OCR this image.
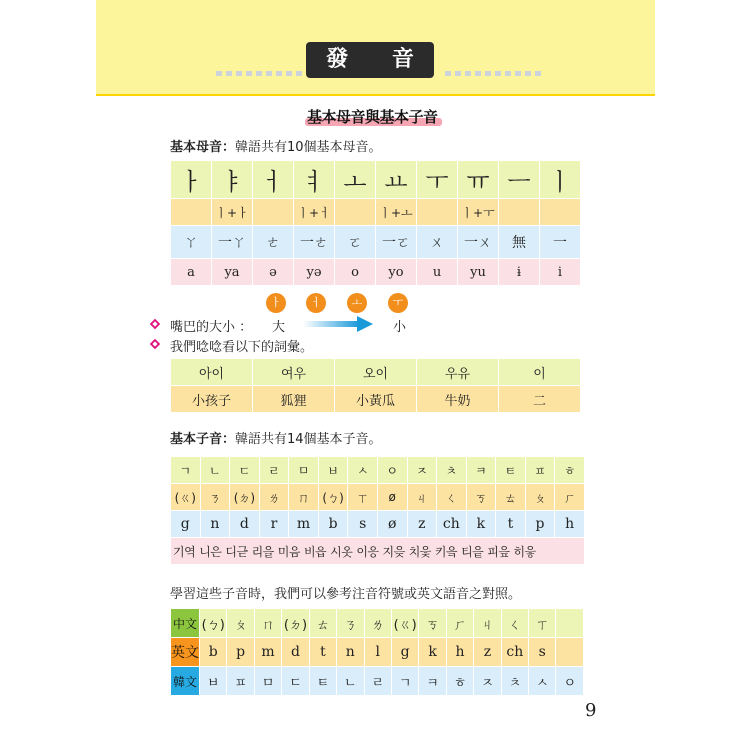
發 音
基本母音與基本子音
基本母音：韓語共有10個基本母音。
ㅏ	ㅑ	ㅓ	ㅕ	ㅗ	ㅛ	ㅜ	ㅠ	ㅡ	ㅣ
	ㅣ+ㅏ		ㅣ+ㅓ		ㅣ+ㅗ		ㅣ+ㅜ		
ㄚ	一ㄚ	ㄜ	一ㄜ	ㄛ	一ㄛ	ㄨ	一ㄨ	無	一
a	ya	ə	yə	o	yo	u	yu	ɨ	i
ㅏ	ㅓ	ㅗ	ㅜ
嘴巴的大小 ： 大	小
我們唸唸看以下的詞彙。
아이	여우	오이	우유	이
小孩子	狐狸	小黃瓜	牛奶	二
基本子音：韓語共有14個基本子音。
ㄱ	ㄴ	ㄷ	ㄹ	ㅁ	ㅂ	ㅅ	ㅇ	ㅈ	ㅊ	ㅋ	ㅌ	ㅍ	ㅎ
(ㄍ)	ㄋ	(ㄉ)	ㄌ	ㄇ	(ㄅ)	ㄒ	ø	ㄐ	ㄑ	ㄎ	ㄊ	ㄆ	ㄏ
g	n	d	r	m	b	s	ø	z	ch	k	t	p	h
기역 니은 디귿 리을 미음 비읍 시옷 이응 지읒 치읓 키읔 티읕 피읖 히읗													
學習這些子音時，我們可以參考注音符號或英文語音之對照。
中文	(ㄅ)	ㄆ	ㄇ	(ㄉ)	ㄊ	ㄋ	ㄌ	(ㄍ)	ㄎ	ㄏ	ㄐ	ㄑ	ㄒ	
英文	b	p	m	d	t	n	l	g	k	h	z	ch	s	
韓文	ㅂ	ㅍ	ㅁ	ㄷ	ㅌ	ㄴ	ㄹ	ㄱ	ㅋ	ㅎ	ㅈ	ㅊ	ㅅ	ㅇ
9
